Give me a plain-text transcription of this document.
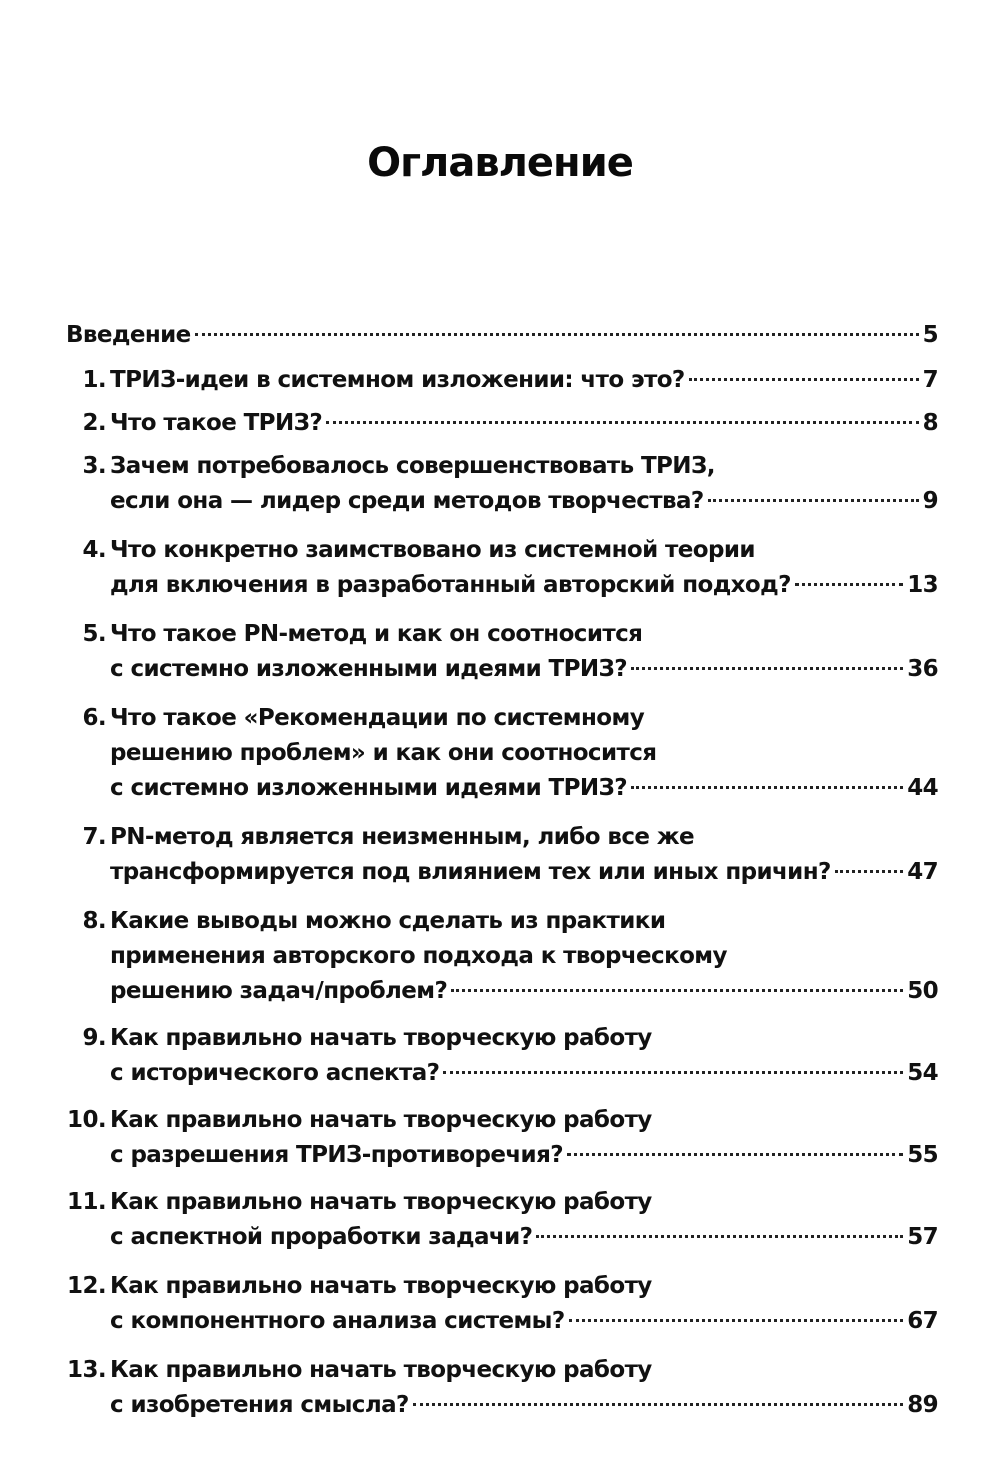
Оглавление
Введение	5
1. ТРИЗ-идеи в системном изложении: что это?	7
2. Что такое ТРИЗ?	8
3. Зачем потребовалось совершенствовать ТРИЗ,
если она — лидер среди методов творчества?	9
4. Что конкретно заимствовано из системной теории
для включения в разработанный авторский подход?	13
5. Что такое PN-метод и как он соотносится
с системно изложенными идеями ТРИЗ?	36
6. Что такое «Рекомендации по системному
решению проблем» и как они соотносится
с системно изложенными идеями ТРИЗ?	44
7. PN-метод является неизменным, либо все же
трансформируется под влиянием тех или иных причин?	47
8. Какие выводы можно сделать из практики
применения авторского подхода к творческому
решению задач/проблем?	50
9. Как правильно начать творческую работу
с исторического аспекта?	54
10. Как правильно начать творческую работу
с разрешения ТРИЗ-противоречия?	55
11. Как правильно начать творческую работу
с аспектной проработки задачи?	57
12. Как правильно начать творческую работу
с компонентного анализа системы?	67
13. Как правильно начать творческую работу
с изобретения смысла?	89
